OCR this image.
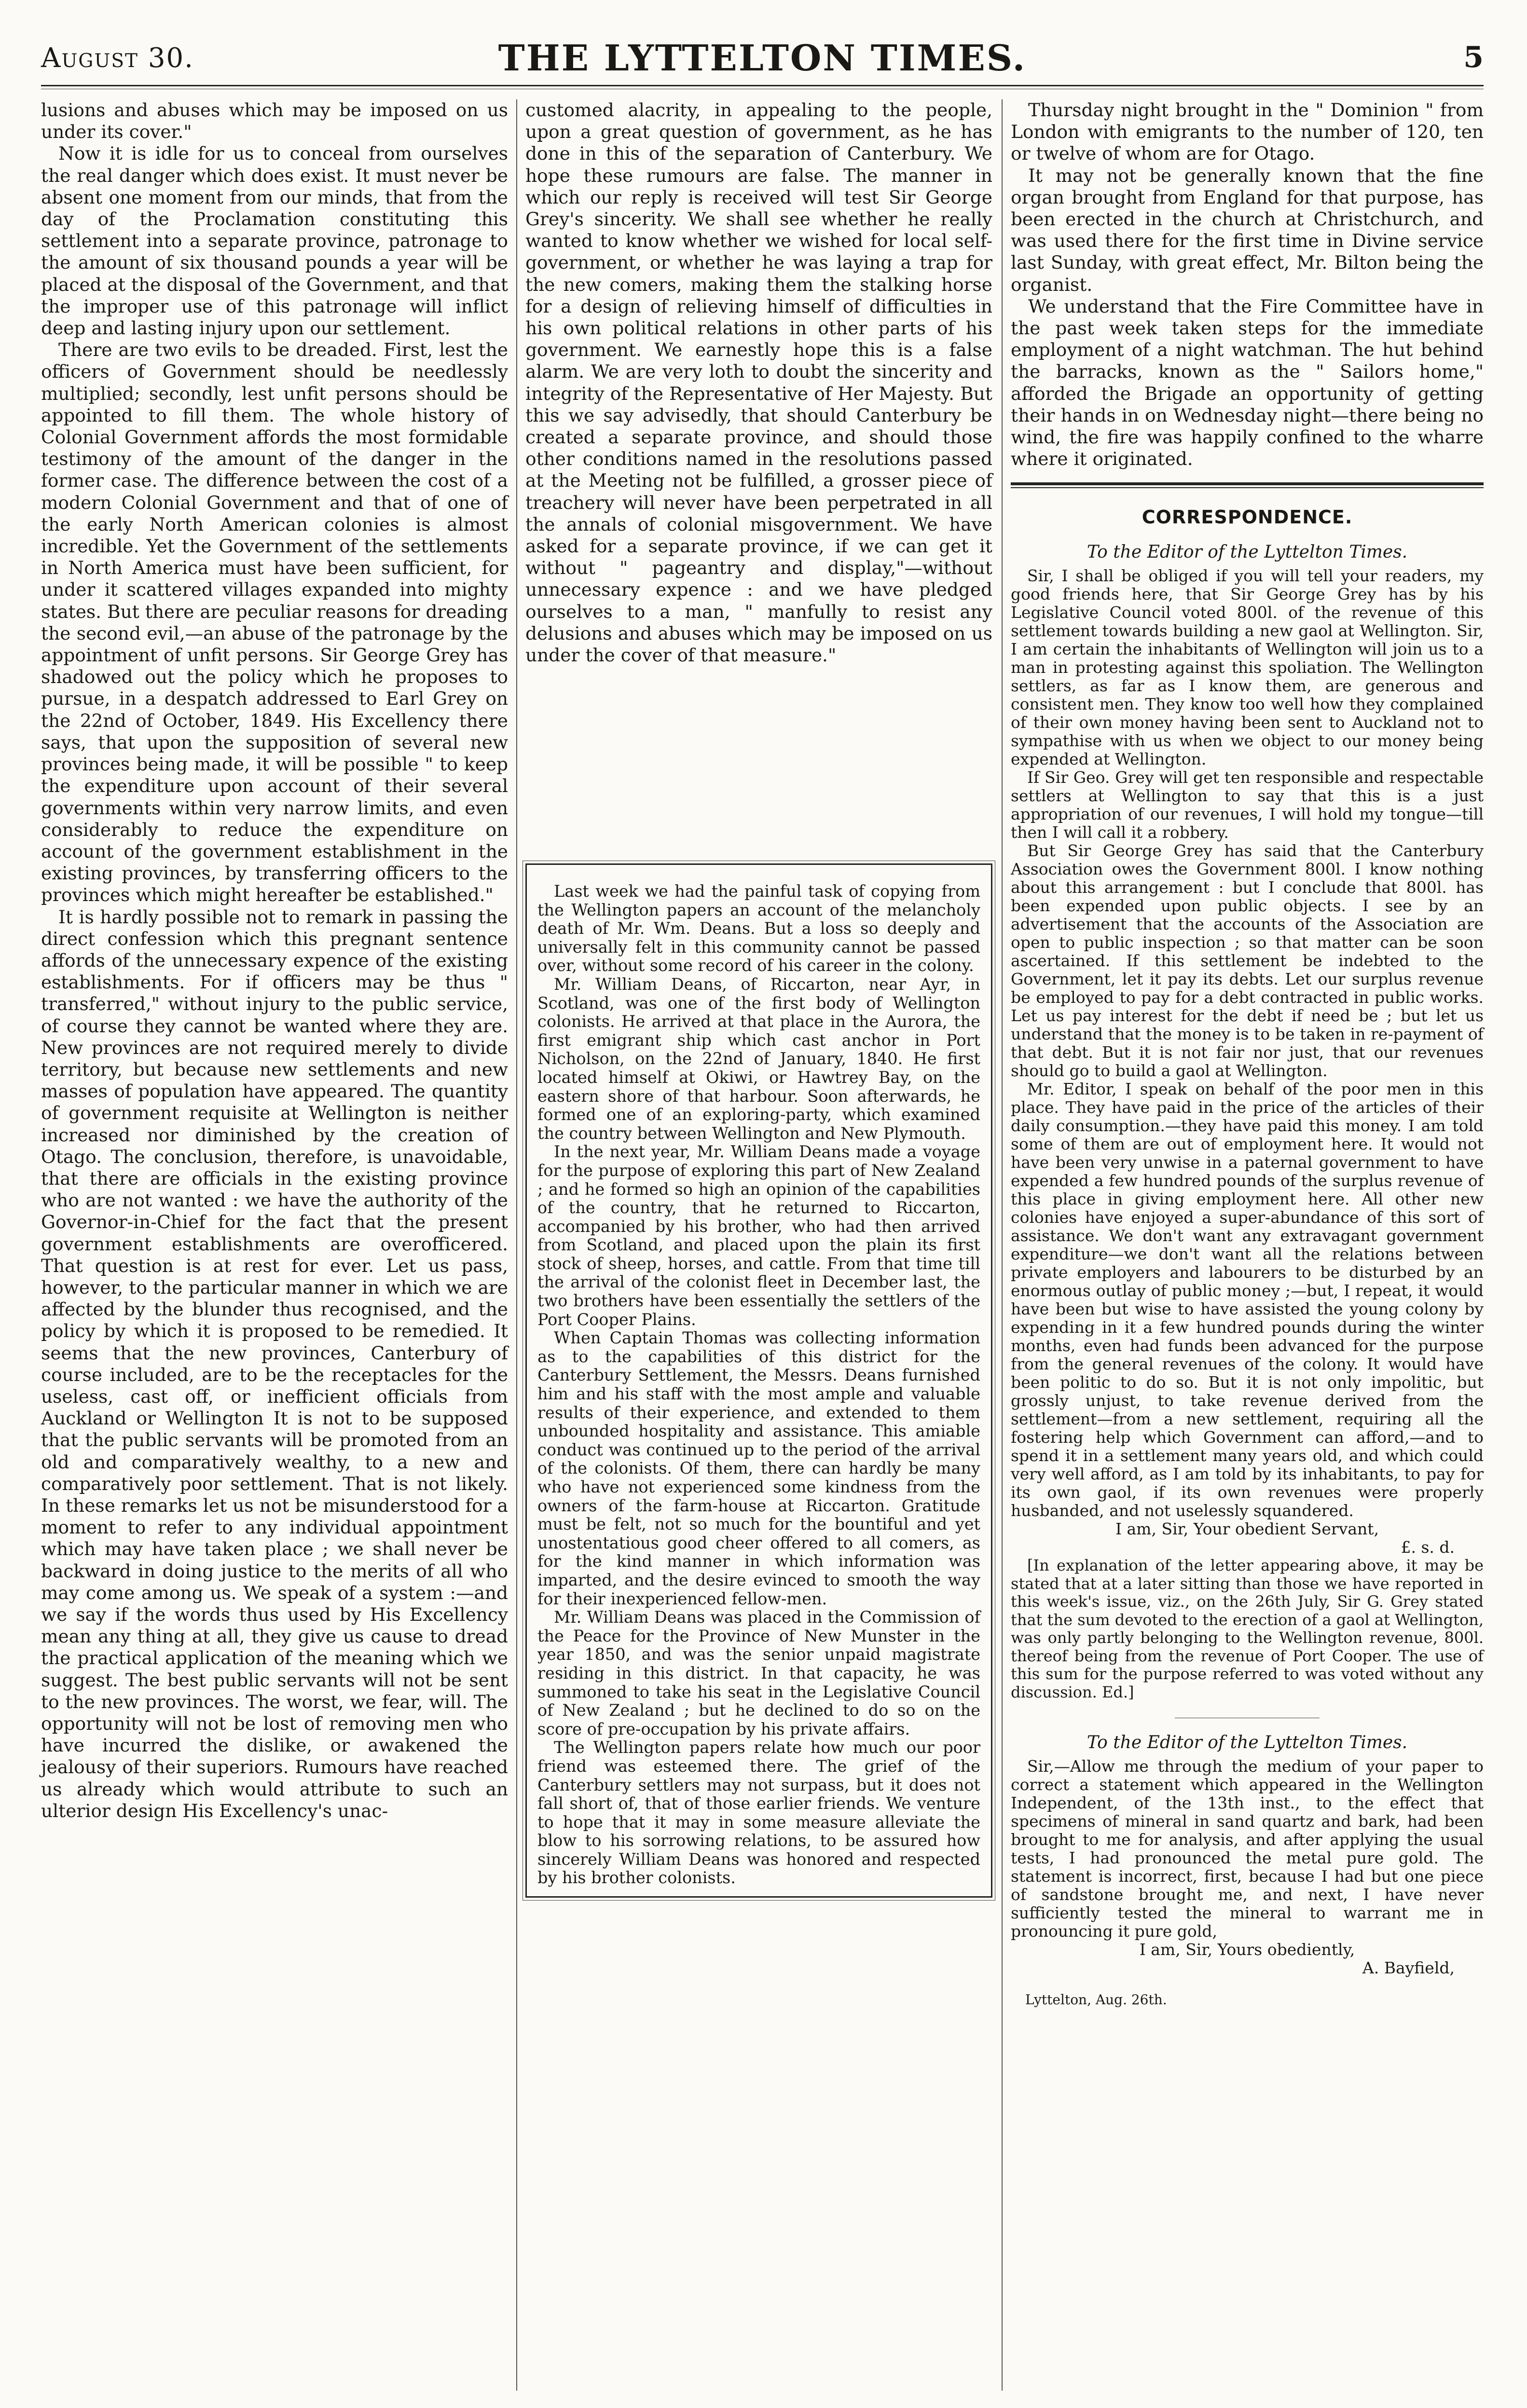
August 30.	THE LYTTELTON TIMES.	5

lusions and abuses which may be imposed on us under its cover."

Now it is idle for us to conceal from ourselves the real danger which does exist. It must never be absent one moment from our minds, that from the day of the Proclamation constituting this settlement into a separate province, patronage to the amount of six thousand pounds a year will be placed at the disposal of the Government, and that the improper use of this patronage will inflict deep and lasting injury upon our settlement.

There are two evils to be dreaded. First, lest the officers of Government should be needlessly multiplied; secondly, lest unfit persons should be appointed to fill them. The whole history of Colonial Government affords the most formidable testimony of the amount of the danger in the former case. The difference between the cost of a modern Colonial Government and that of one of the early North American colonies is almost incredible. Yet the Government of the settlements in North America must have been sufficient, for under it scattered villages expanded into mighty states. But there are peculiar reasons for dreading the second evil,—an abuse of the patronage by the appointment of unfit persons. Sir George Grey has shadowed out the policy which he proposes to pursue, in a despatch addressed to Earl Grey on the 22nd of October, 1849. His Excellency there says, that upon the supposition of several new provinces being made, it will be possible " to keep the expenditure upon account of their several governments within very narrow limits, and even considerably to reduce the expenditure on account of the government establishment in the existing provinces, by transferring officers to the provinces which might hereafter be established."

It is hardly possible not to remark in passing the direct confession which this pregnant sentence affords of the unnecessary expence of the existing establishments. For if officers may be thus " transferred," without injury to the public service, of course they cannot be wanted where they are. New provinces are not required merely to divide territory, but because new settlements and new masses of population have appeared. The quantity of government requisite at Wellington is neither increased nor diminished by the creation of Otago. The conclusion, therefore, is unavoidable, that there are officials in the existing province who are not wanted : we have the authority of the Governor-in-Chief for the fact that the present government establishments are overofficered. That question is at rest for ever. Let us pass, however, to the particular manner in which we are affected by the blunder thus recognised, and the policy by which it is proposed to be remedied. It seems that the new provinces, Canterbury of course included, are to be the receptacles for the useless, cast off, or inefficient officials from Auckland or Wellington It is not to be supposed that the public servants will be promoted from an old and comparatively wealthy, to a new and comparatively poor settlement. That is not likely. In these remarks let us not be misunderstood for a moment to refer to any individual appointment which may have taken place ; we shall never be backward in doing justice to the merits of all who may come among us. We speak of a system :—and we say if the words thus used by His Excellency mean any thing at all, they give us cause to dread the practical application of the meaning which we suggest. The best public servants will not be sent to the new provinces. The worst, we fear, will. The opportunity will not be lost of removing men who have incurred the dislike, or awakened the jealousy of their superiors. Rumours have reached us already which would attribute to such an ulterior design His Excellency's unac-

customed alacrity, in appealing to the people, upon a great question of government, as he has done in this of the separation of Canterbury. We hope these rumours are false. The manner in which our reply is received will test Sir George Grey's sincerity. We shall see whether he really wanted to know whether we wished for local self-government, or whether he was laying a trap for the new comers, making them the stalking horse for a design of relieving himself of difficulties in his own political relations in other parts of his government. We earnestly hope this is a false alarm. We are very loth to doubt the sincerity and integrity of the Representative of Her Majesty. But this we say advisedly, that should Canterbury be created a separate province, and should those other conditions named in the resolutions passed at the Meeting not be fulfilled, a grosser piece of treachery will never have been perpetrated in all the annals of colonial misgovernment. We have asked for a separate province, if we can get it without " pageantry and display,"—without unnecessary expence : and we have pledged ourselves to a man, " manfully to resist any delusions and abuses which may be imposed on us under the cover of that measure."

Last week we had the painful task of copying from the Wellington papers an account of the melancholy death of Mr. Wm. Deans. But a loss so deeply and universally felt in this community cannot be passed over, without some record of his career in the colony.

Mr. William Deans, of Riccarton, near Ayr, in Scotland, was one of the first body of Wellington colonists. He arrived at that place in the Aurora, the first emigrant ship which cast anchor in Port Nicholson, on the 22nd of January, 1840. He first located himself at Okiwi, or Hawtrey Bay, on the eastern shore of that harbour. Soon afterwards, he formed one of an exploring-party, which examined the country between Wellington and New Plymouth.

In the next year, Mr. William Deans made a voyage for the purpose of exploring this part of New Zealand ; and he formed so high an opinion of the capabilities of the country, that he returned to Riccarton, accompanied by his brother, who had then arrived from Scotland, and placed upon the plain its first stock of sheep, horses, and cattle. From that time till the arrival of the colonist fleet in December last, the two brothers have been essentially the settlers of the Port Cooper Plains.

When Captain Thomas was collecting information as to the capabilities of this district for the Canterbury Settlement, the Messrs. Deans furnished him and his staff with the most ample and valuable results of their experience, and extended to them unbounded hospitality and assistance. This amiable conduct was continued up to the period of the arrival of the colonists. Of them, there can hardly be many who have not experienced some kindness from the owners of the farm-house at Riccarton. Gratitude must be felt, not so much for the bountiful and yet unostentatious good cheer offered to all comers, as for the kind manner in which information was imparted, and the desire evinced to smooth the way for their inexperienced fellow-men.

Mr. William Deans was placed in the Commission of the Peace for the Province of New Munster in the year 1850, and was the senior unpaid magistrate residing in this district. In that capacity, he was summoned to take his seat in the Legislative Council of New Zealand ; but he declined to do so on the score of pre-occupation by his private affairs.

The Wellington papers relate how much our poor friend was esteemed there. The grief of the Canterbury settlers may not surpass, but it does not fall short of, that of those earlier friends. We venture to hope that it may in some measure alleviate the blow to his sorrowing relations, to be assured how sincerely William Deans was honored and respected by his brother colonists.

Thursday night brought in the " Dominion " from London with emigrants to the number of 120, ten or twelve of whom are for Otago.

It may not be generally known that the fine organ brought from England for that purpose, has been erected in the church at Christchurch, and was used there for the first time in Divine service last Sunday, with great effect, Mr. Bilton being the organist.

We understand that the Fire Committee have in the past week taken steps for the immediate employment of a night watchman. The hut behind the barracks, known as the " Sailors home," afforded the Brigade an opportunity of getting their hands in on Wednesday night—there being no wind, the fire was happily confined to the wharre where it originated.

CORRESPONDENCE.
To the Editor of the Lyttelton Times.

Sir, I shall be obliged if you will tell your readers, my good friends here, that Sir George Grey has by his Legislative Council voted 800l. of the revenue of this settlement towards building a new gaol at Wellington. Sir, I am certain the inhabitants of Wellington will join us to a man in protesting against this spoliation. The Wellington settlers, as far as I know them, are generous and consistent men. They know too well how they complained of their own money having been sent to Auckland not to sympathise with us when we object to our money being expended at Wellington.

If Sir Geo. Grey will get ten responsible and respectable settlers at Wellington to say that this is a just appropriation of our revenues, I will hold my tongue—till then I will call it a robbery.

But Sir George Grey has said that the Canterbury Association owes the Government 800l. I know nothing about this arrangement : but I conclude that 800l. has been expended upon public objects. I see by an advertisement that the accounts of the Association are open to public inspection ; so that matter can be soon ascertained. If this settlement be indebted to the Government, let it pay its debts. Let our surplus revenue be employed to pay for a debt contracted in public works. Let us pay interest for the debt if need be ; but let us understand that the money is to be taken in re-payment of that debt. But it is not fair nor just, that our revenues should go to build a gaol at Wellington.

Mr. Editor, I speak on behalf of the poor men in this place. They have paid in the price of the articles of their daily consumption.—they have paid this money. I am told some of them are out of employment here. It would not have been very unwise in a paternal government to have expended a few hundred pounds of the surplus revenue of this place in giving employment here. All other new colonies have enjoyed a super-abundance of this sort of assistance. We don't want any extravagant government expenditure—we don't want all the relations between private employers and labourers to be disturbed by an enormous outlay of public money ;—but, I repeat, it would have been but wise to have assisted the young colony by expending in it a few hundred pounds during the winter months, even had funds been advanced for the purpose from the general revenues of the colony. It would have been politic to do so. But it is not only impolitic, but grossly unjust, to take revenue derived from the settlement—from a new settlement, requiring all the fostering help which Government can afford,—and to spend it in a settlement many years old, and which could very well afford, as I am told by its inhabitants, to pay for its own gaol, if its own revenues were properly husbanded, and not uselessly squandered.

I am, Sir, Your obedient Servant,
£. s. d.

[In explanation of the letter appearing above, it may be stated that at a later sitting than those we have reported in this week's issue, viz., on the 26th July, Sir G. Grey stated that the sum devoted to the erection of a gaol at Wellington, was only partly belonging to the Wellington revenue, 800l. thereof being from the revenue of Port Cooper. The use of this sum for the purpose referred to was voted without any discussion. Ed.]

To the Editor of the Lyttelton Times.

Sir,—Allow me through the medium of your paper to correct a statement which appeared in the Wellington Independent, of the 13th inst., to the effect that specimens of mineral in sand quartz and bark, had been brought to me for analysis, and after applying the usual tests, I had pronounced the metal pure gold. The statement is incorrect, first, because I had but one piece of sandstone brought me, and next, I have never sufficiently tested the mineral to warrant me in pronouncing it pure gold,

I am, Sir, Yours obediently,
A. Bayfield,
Lyttelton, Aug. 26th.
